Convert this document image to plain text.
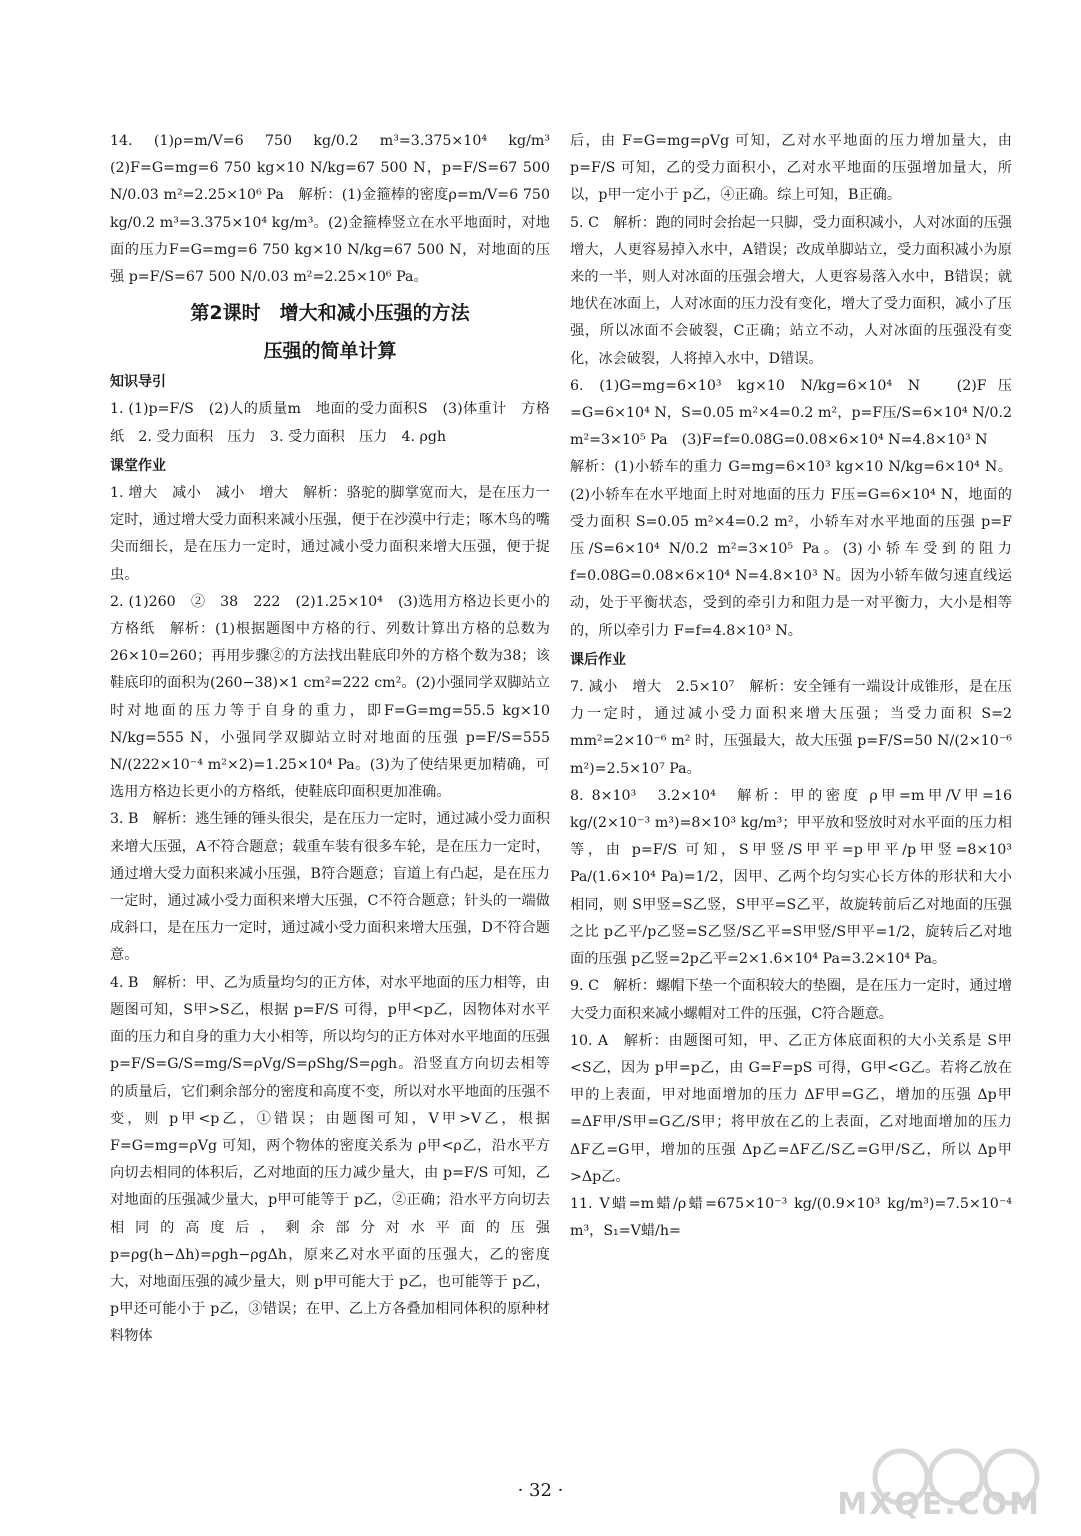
14. (1)ρ=m/V=6 750 kg/0.2 m³=3.375×10⁴ kg/m³　(2)F=G=mg=6 750 kg×10 N/kg=67 500 N，p=F/S=67 500 N/0.03 m²=2.25×10⁶ Pa　解析：(1)金箍棒的密度ρ=m/V=6 750 kg/0.2 m³=3.375×10⁴ kg/m³。(2)金箍棒竖立在水平地面时，对地面的压力F=G=mg=6 750 kg×10 N/kg=67 500 N，对地面的压强 p=F/S=67 500 N/0.03 m²=2.25×10⁶ Pa。
第2课时　增大和减小压强的方法
压强的简单计算
知识导引
1. (1)p=F/S　(2)人的质量m　地面的受力面积S　(3)体重计　方格纸　2. 受力面积　压力　3. 受力面积　压力　4. ρgh
课堂作业
1. 增大　减小　减小　增大　解析：骆驼的脚掌宽而大，是在压力一定时，通过增大受力面积来减小压强，便于在沙漠中行走；啄木鸟的嘴尖而细长，是在压力一定时，通过减小受力面积来增大压强，便于捉虫。
2. (1)260　②　38　222　(2)1.25×10⁴　(3)选用方格边长更小的方格纸　解析：(1)根据题图中方格的行、列数计算出方格的总数为26×10=260；再用步骤②的方法找出鞋底印外的方格个数为38；该鞋底印的面积为(260−38)×1 cm²=222 cm²。(2)小强同学双脚站立时对地面的压力等于自身的重力，即F=G=mg=55.5 kg×10 N/kg=555 N，小强同学双脚站立时对地面的压强 p=F/S=555 N/(222×10⁻⁴ m²×2)=1.25×10⁴ Pa。(3)为了使结果更加精确，可选用方格边长更小的方格纸，使鞋底印面积更加准确。
3. B　解析：逃生锤的锤头很尖，是在压力一定时，通过减小受力面积来增大压强，A不符合题意；载重车装有很多车轮，是在压力一定时，通过增大受力面积来减小压强，B符合题意；盲道上有凸起，是在压力一定时，通过减小受力面积来增大压强，C不符合题意；针头的一端做成斜口，是在压力一定时，通过减小受力面积来增大压强，D不符合题意。
4. B　解析：甲、乙为质量均匀的正方体，对水平地面的压力相等，由题图可知，S甲>S乙，根据 p=F/S 可得，p甲<p乙，因物体对水平面的压力和自身的重力大小相等，所以均匀的正方体对水平地面的压强 p=F/S=G/S=mg/S=ρVg/S=ρShg/S=ρgh。沿竖直方向切去相等的质量后，它们剩余部分的密度和高度不变，所以对水平地面的压强不变，则 p甲<p乙，①错误；由题图可知，V甲>V乙，根据 F=G=mg=ρVg 可知，两个物体的密度关系为 ρ甲<ρ乙，沿水平方向切去相同的体积后，乙对地面的压力减少量大，由 p=F/S 可知，乙对地面的压强减少量大，p甲可能等于 p乙，②正确；沿水平方向切去相同的高度后，剩余部分对水平面的压强 p=ρg(h−Δh)=ρgh−ρgΔh，原来乙对水平面的压强大，乙的密度大，对地面压强的减少量大，则 p甲可能大于 p乙，也可能等于 p乙，p甲还可能小于 p乙，③错误；在甲、乙上方各叠加相同体积的原种材料物体
后，由 F=G=mg=ρVg 可知，乙对水平地面的压力增加量大，由 p=F/S 可知，乙的受力面积小，乙对水平地面的压强增加量大，所以，p甲一定小于 p乙，④正确。综上可知，B正确。
5. C　解析：跑的同时会抬起一只脚，受力面积减小，人对冰面的压强增大，人更容易掉入水中，A错误；改成单脚站立，受力面积减小为原来的一半，则人对冰面的压强会增大，人更容易落入水中，B错误；就地伏在冰面上，人对冰面的压力没有变化，增大了受力面积，减小了压强，所以冰面不会破裂，C正确；站立不动，人对冰面的压强没有变化，冰会破裂，人将掉入水中，D错误。
6. (1)G=mg=6×10³ kg×10 N/kg=6×10⁴ N　(2)F压=G=6×10⁴ N，S=0.05 m²×4=0.2 m²，p=F压/S=6×10⁴ N/0.2 m²=3×10⁵ Pa　(3)F=f=0.08G=0.08×6×10⁴ N=4.8×10³ N
解析：(1)小轿车的重力 G=mg=6×10³ kg×10 N/kg=6×10⁴ N。(2)小轿车在水平地面上时对地面的压力 F压=G=6×10⁴ N，地面的受力面积 S=0.05 m²×4=0.2 m²，小轿车对水平地面的压强 p=F压/S=6×10⁴ N/0.2 m²=3×10⁵ Pa。(3)小轿车受到的阻力 f=0.08G=0.08×6×10⁴ N=4.8×10³ N。因为小轿车做匀速直线运动，处于平衡状态，受到的牵引力和阻力是一对平衡力，大小是相等的，所以牵引力 F=f=4.8×10³ N。
课后作业
7. 减小　增大　2.5×10⁷　解析：安全锤有一端设计成锥形，是在压力一定时，通过减小受力面积来增大压强；当受力面积 S=2 mm²=2×10⁻⁶ m² 时，压强最大，故大压强 p=F/S=50 N/(2×10⁻⁶ m²)=2.5×10⁷ Pa。
8. 8×10³　3.2×10⁴　解析：甲的密度 ρ甲=m甲/V甲=16 kg/(2×10⁻³ m³)=8×10³ kg/m³；甲平放和竖放时对水平面的压力相等，由 p=F/S 可知，S甲竖/S甲平=p甲平/p甲竖=8×10³ Pa/(1.6×10⁴ Pa)=1/2，因甲、乙两个均匀实心长方体的形状和大小相同，则 S甲竖=S乙竖，S甲平=S乙平，故旋转前后乙对地面的压强之比 p乙平/p乙竖=S乙竖/S乙平=S甲竖/S甲平=1/2，旋转后乙对地面的压强 p乙竖=2p乙平=2×1.6×10⁴ Pa=3.2×10⁴ Pa。
9. C　解析：螺帽下垫一个面积较大的垫圈，是在压力一定时，通过增大受力面积来减小螺帽对工件的压强，C符合题意。
10. A　解析：由题图可知，甲、乙正方体底面积的大小关系是 S甲<S乙，因为 p甲=p乙，由 G=F=pS 可得，G甲<G乙。若将乙放在甲的上表面，甲对地面增加的压力 ΔF甲=G乙，增加的压强 Δp甲=ΔF甲/S甲=G乙/S甲；将甲放在乙的上表面，乙对地面增加的压力 ΔF乙=G甲，增加的压强 Δp乙=ΔF乙/S乙=G甲/S乙，所以 Δp甲>Δp乙。
11. V蜡=m蜡/ρ蜡=675×10⁻³ kg/(0.9×10³ kg/m³)=7.5×10⁻⁴ m³，S₁=V蜡/h=
· 32 ·	MXQE.COM
